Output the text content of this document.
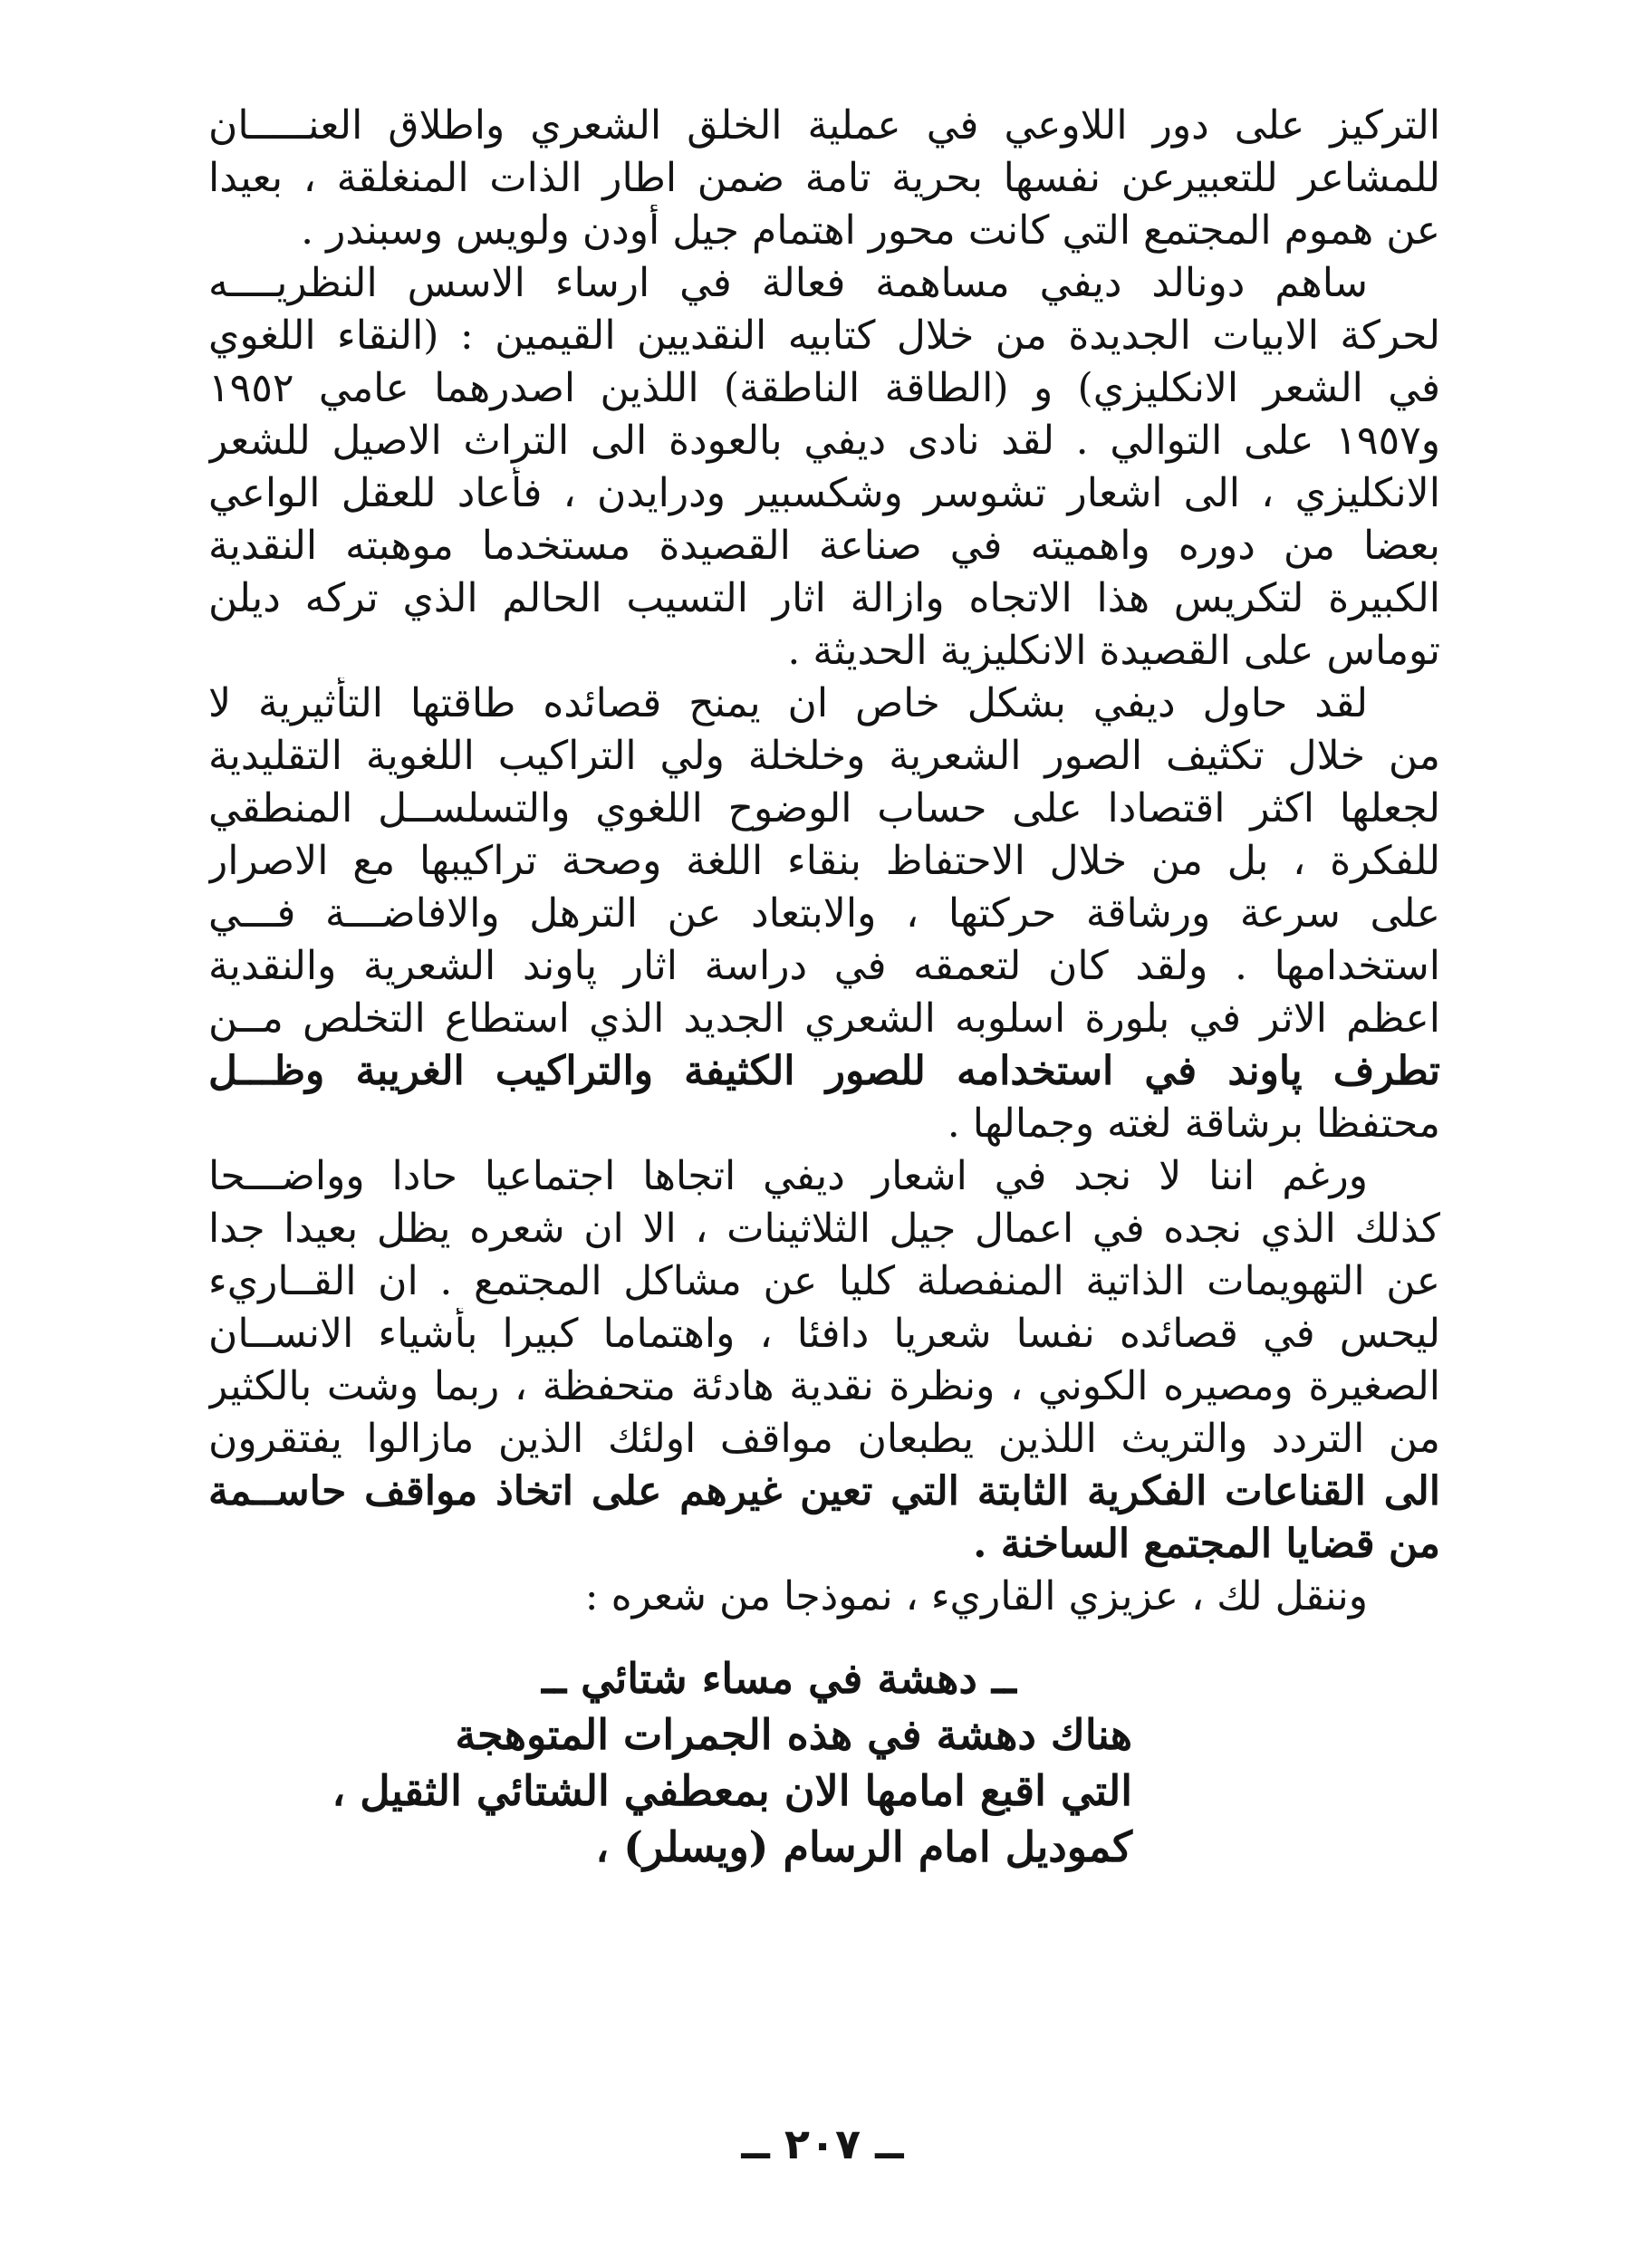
التركيز على دور اللاوعي في عملية الخلق الشعري واطلاق العنـــــان
للمشاعر للتعبيرعن نفسها بحرية تامة ضمن اطار الذات المنغلقة ، بعيدا
عن هموم المجتمع التي كانت محور اهتمام جيل أودن ولويس وسبندر .
ساهم دونالد ديفي مساهمة فعالة في ارساء الاسس النظريــــه
لحركة الابيات الجديدة من خلال كتابيه النقديين القيمين : (النقاء اللغوي
في الشعر الانكليزي) و (الطاقة الناطقة) اللذين اصدرهما عامي ١٩٥٢
و١٩٥٧ على التوالي . لقد نادى ديفي بالعودة الى التراث الاصيل للشعر
الانكليزي ، الى اشعار تشوسر وشكسبير ودرايدن ، فأعاد للعقل الواعي
بعضا من دوره واهميته في صناعة القصيدة مستخدما موهبته النقدية
الكبيرة لتكريس هذا الاتجاه وازالة اثار التسيب الحالم الذي تركه ديلن
توماس على القصيدة الانكليزية الحديثة .
لقد حاول ديفي بشكل خاص ان يمنح قصائده طاقتها التأثيرية لا
من خلال تكثيف الصور الشعرية وخلخلة ولي التراكيب اللغوية التقليدية
لجعلها اكثر اقتصادا على حساب الوضوح اللغوي والتسلســل المنطقي
للفكرة ، بل من خلال الاحتفاظ بنقاء اللغة وصحة تراكيبها مع الاصرار
على سرعة ورشاقة حركتها ، والابتعاد عن الترهل والافاضـــة فـــي
استخدامها . ولقد كان لتعمقه في دراسة اثار پاوند الشعرية والنقدية
اعظم الاثر في بلورة اسلوبه الشعري الجديد الذي استطاع التخلص مــن
تطرف پاوند في استخدامه للصور الكثيفة والتراكيب الغريبة وظـــل
محتفظا برشاقة لغته وجمالها .
ورغم اننا لا نجد في اشعار ديفي اتجاها اجتماعيا حادا وواضـــحا
كذلك الذي نجده في اعمال جيل الثلاثينات ، الا ان شعره يظل بعيدا جدا
عن التهويمات الذاتية المنفصلة كليا عن مشاكل المجتمع . ان القــاريء
ليحس في قصائده نفسا شعريا دافئا ، واهتماما كبيرا بأشياء الانســان
الصغيرة ومصيره الكوني ، ونظرة نقدية هادئة متحفظة ، ربما وشت بالكثير
من التردد والتريث اللذين يطبعان مواقف اولئك الذين مازالوا يفتقرون
الى القناعات الفكرية الثابتة التي تعين غيرهم على اتخاذ مواقف حاســمة
من قضايا المجتمع الساخنة .
وننقل لك ، عزيزي القاريء ، نموذجا من شعره :
ــ دهشة في مساء شتائي ــ
هناك دهشة في هذه الجمرات المتوهجة
التي اقبع امامها الان بمعطفي الشتائي الثقيل ،
كموديل امام الرسام (ويسلر) ،
ــ ٢٠٧ ــ
